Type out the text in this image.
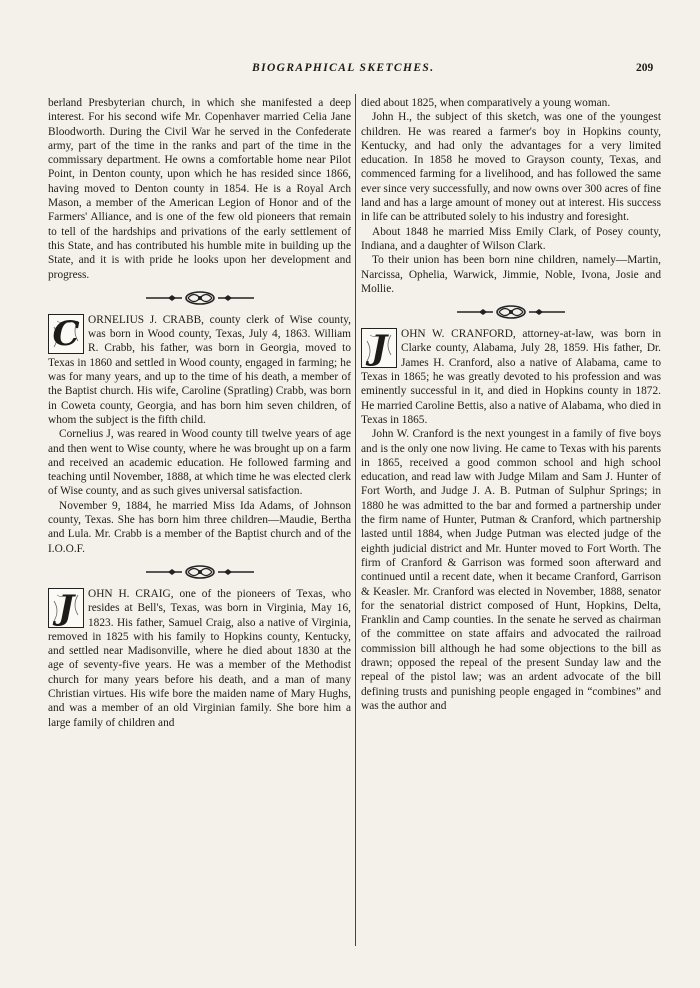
BIOGRAPHICAL SKETCHES.	209

berland Presbyterian church, in which she manifested a deep interest. For his second wife Mr. Copenhaver married Celia Jane Bloodworth. During the Civil War he served in the Confederate army, part of the time in the ranks and part of the time in the commissary department. He owns a comfortable home near Pilot Point, in Denton county, upon which he has resided since 1866, having moved to Denton county in 1854. He is a Royal Arch Mason, a member of the American Legion of Honor and of the Farmers' Alliance, and is one of the few old pioneers that remain to tell of the hardships and privations of the early settlement of this State, and has contributed his humble mite in building up the State, and it is with pride he looks upon her development and progress.

C ORNELIUS J. CRABB, county clerk of Wise county, was born in Wood county, Texas, July 4, 1863. William R. Crabb, his father, was born in Georgia, moved to Texas in 1860 and settled in Wood county, engaged in farming; he was for many years, and up to the time of his death, a member of the Baptist church. His wife, Caroline (Spratling) Crabb, was born in Coweta county, Georgia, and has born him seven children, of whom the subject is the fifth child.

Cornelius J, was reared in Wood county till twelve years of age and then went to Wise county, where he was brought up on a farm and received an academic education. He followed farming and teaching until November, 1888, at which time he was elected clerk of Wise county, and as such gives universal satisfaction.

November 9, 1884, he married Miss Ida Adams, of Johnson county, Texas. She has born him three children—Maudie, Bertha and Lula. Mr. Crabb is a member of the Baptist church and of the I.O.O.F.

J	OHN H. CRAIG, one of the pioneers of Texas, who resides at Bell's, Texas, was born in Virginia, May 16, 1823. His father, Samuel Craig, also a native of Virginia, removed in 1825 with his family to Hopkins county, Kentucky, and settled near Madisonville, where he died about 1830 at the age of seventy-five years. He was a member of the Methodist church for many years before his death, and a man of many Christian virtues. His wife bore the maiden name of Mary Hughs, and was a member of an old Virginian family. She bore him a large family of children and

died about 1825, when comparatively a young woman.

John H., the subject of this sketch, was one of the youngest children. He was reared a farmer's boy in Hopkins county, Kentucky, and had only the advantages for a very limited education. In 1858 he moved to Grayson county, Texas, and commenced farming for a livelihood, and has followed the same ever since very successfully, and now owns over 300 acres of fine land and has a large amount of money out at interest. His success in life can be attributed solely to his industry and foresight.

About 1848 he married Miss Emily Clark, of Posey county, Indiana, and a daughter of Wilson Clark.

To their union has been born nine children, namely—Martin, Narcissa, Ophelia, Warwick, Jimmie, Noble, Ivona, Josie and Mollie.

J	OHN W. CRANFORD, attorney-at-law, was born in Clarke county, Alabama, July 28, 1859. His father, Dr. James H. Cranford, also a native of Alabama, came to Texas in 1865; he was greatly devoted to his profession and was eminently successful in it, and died in Hopkins county in 1872. He married Caroline Bettis, also a native of Alabama, who died in Texas in 1865.

John W. Cranford is the next youngest in a family of five boys and is the only one now living. He came to Texas with his parents in 1865, received a good common school and high school education, and read law with Judge Milam and Sam J. Hunter of Fort Worth, and Judge J. A. B. Putman of Sulphur Springs; in 1880 he was admitted to the bar and formed a partnership under the firm name of Hunter, Putman & Cranford, which partnership lasted until 1884, when Judge Putman was elected judge of the eighth judicial district and Mr. Hunter moved to Fort Worth. The firm of Cranford & Garrison was formed soon afterward and continued until a recent date, when it became Cranford, Garrison & Keasler. Mr. Cranford was elected in November, 1888, senator for the senatorial district composed of Hunt, Hopkins, Delta, Franklin and Camp counties. In the senate he served as chairman of the committee on state affairs and advocated the railroad commission bill although he had some objections to the bill as drawn; opposed the repeal of the present Sunday law and the repeal of the pistol law; was an ardent advocate of the bill defining trusts and punishing people engaged in “combines” and was the author and
